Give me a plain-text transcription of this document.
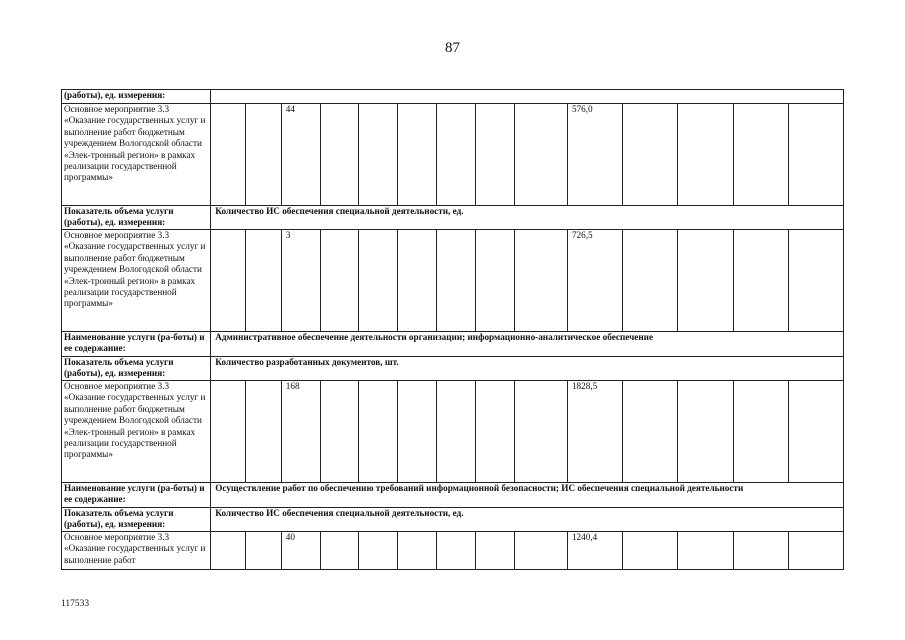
87
(работы), ед. измерения:														
Основное мероприятие 3.3 «Оказание государственных услуг и выполнение работ бюджетным учреждением Вологодской области «Элек-тронный регион» в рамках реализации государственной программы»			44							576,0				
Показатель объема услуги (работы), ед. измерения:	Количество ИС обеспечения специальной деятельности, ед.													
Основное мероприятие 3.3 «Оказание государственных услуг и выполнение работ бюджетным учреждением Вологодской области «Элек-тронный регион» в рамках реализации государственной программы»			3							726,5				
Наименование услуги (ра-боты) и ее содержание:	Административное обеспечение деятельности организации; информационно-аналитическое обеспечение													
Показатель объема услуги (работы), ед. измерения:	Количество разработанных документов, шт.													
Основное мероприятие 3.3 «Оказание государственных услуг и выполнение работ бюджетным учреждением Вологодской области «Элек-тронный регион» в рамках реализации государственной программы»			168							1828,5				
Наименование услуги (ра-боты) и ее содержание:	Осуществление работ по обеспечению требований информационной безопасности; ИС обеспечения специальной деятельности													
Показатель объема услуги (работы), ед. измерения:	Количество ИС обеспечения специальной деятельности, ед.													
Основное мероприятие 3.3 «Оказание государственных услуг и выполнение работ			40							1240,4				
117533
